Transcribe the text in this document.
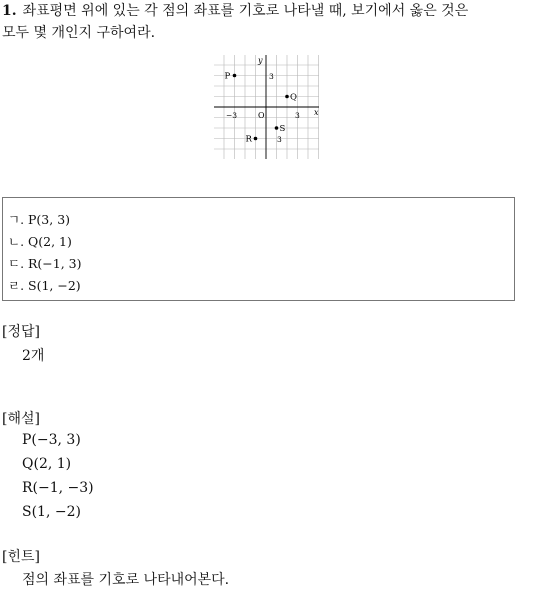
1. 좌표평면 위에 있는 각 점의 좌표를 기호로 나타낼 때, 보기에서 옳은 것은
모두 몇 개인지 구하여라.
y
x
O
3
3
3
−3
P
Q
R
S
ㄱ. P(3, 3)
ㄴ. Q(2, 1)
ㄷ. R(−1, 3)
ㄹ. S(1, −2)
[정답]
2개
[해설]
P(−3, 3)
Q(2, 1)
R(−1, −3)
S(1, −2)
[힌트]
점의 좌표를 기호로 나타내어본다.
